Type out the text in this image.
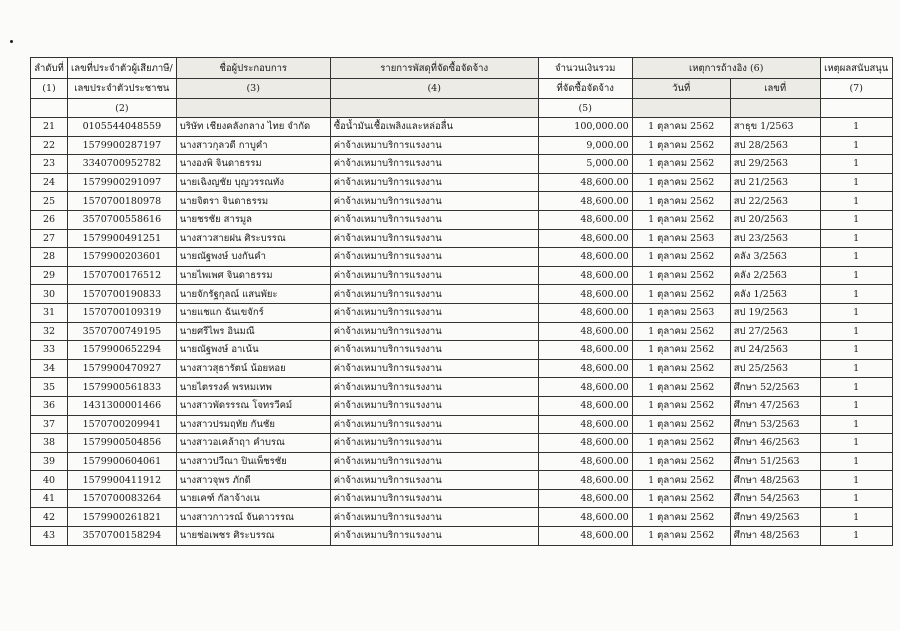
ลำดับที่	เลขที่ประจำตัวผู้เสียภาษี/	ชื่อผู้ประกอบการ	รายการพัสดุที่จัดซื้อจัดจ้าง	จำนวนเงินรวม	เหตุการถ้างอิง (6)		เหตุผลสนับสนุน
(1)	เลขประจำตัวประชาชน	(3)	(4)	ที่จัดซื้อจัดจ้าง	วันที่	เลขที่	(7)
	(2)			(5)			
21	0105544048559	บริษัท เชียงคลังกลาง ไทย จำกัด	ซื้อน้ำมันเชื้อเพลิงและหล่อลื่น	100,000.00	1 ตุลาคม 2562	สาธุข 1/2563	1
22	1579900287197	นางสาวกุลวดี กาบูคำ	ค่าจ้างเหมาบริการแรงงาน	9,000.00	1 ตุลาคม 2562	สป 28/2563	1
23	3340700952782	นางองพิ จินดาธรรม	ค่าจ้างเหมาบริการแรงงาน	5,000.00	1 ตุลาคม 2562	สป 29/2563	1
24	1579900291097	นายเฉิงญชัย บุญวรรณทัง	ค่าจ้างเหมาบริการแรงงาน	48,600.00	1 ตุลาคม 2562	สป 21/2563	1
25	1570700180978	นายจิตรา จินดาธรรม	ค่าจ้างเหมาบริการแรงงาน	48,600.00	1 ตุลาคม 2562	สป 22/2563	1
26	3570700558616	นายชรชัย สารมูล	ค่าจ้างเหมาบริการแรงงาน	48,600.00	1 ตุลาคม 2562	สป 20/2563	1
27	1579900491251	นางสาวสายฝน ศิระบรรณ	ค่าจ้างเหมาบริการแรงงาน	48,600.00	1 ตุลาคม 2563	สป 23/2563	1
28	1579900203601	นายณัฐพงษ์ บงกันคำ	ค่าจ้างเหมาบริการแรงงาน	48,600.00	1 ตุลาคม 2562	คลัง 3/2563	1
29	1570700176512	นายไพเพศ จินดาธรรม	ค่าจ้างเหมาบริการแรงงาน	48,600.00	1 ตุลาคม 2562	คลัง 2/2563	1
30	1570700190833	นายจักรัฐกุลณ์ แสนพัยะ	ค่าจ้างเหมาบริการแรงงาน	48,600.00	1 ตุลาคม 2562	คลัง 1/2563	1
31	1570700109319	นายแชแก ฉันเขจักร์	ค่าจ้างเหมาบริการแรงงาน	48,600.00	1 ตุลาคม 2563	สป 19/2563	1
32	3570700749195	นายศรีไพร อินมณี	ค่าจ้างเหมาบริการแรงงาน	48,600.00	1 ตุลาคม 2562	สป 27/2563	1
33	1579900652294	นายณัฐพงษ์ อาเน้น	ค่าจ้างเหมาบริการแรงงาน	48,600.00	1 ตุลาคม 2562	สป 24/2563	1
34	1579900470927	นางสาวสุธารัตน์ น้อยหอย	ค่าจ้างเหมาบริการแรงงาน	48,600.00	1 ตุลาคม 2562	สป 25/2563	1
35	1579900561833	นายไตรรงค์ พรหมเทพ	ค่าจ้างเหมาบริการแรงงาน	48,600.00	1 ตุลาคม 2562	ศึกษา 52/2563	1
36	1431300001466	นางสาวพัดรรรณ โจทรวีคม์	ค่าจ้างเหมาบริการแรงงาน	48,600.00	1 ตุลาคม 2562	ศึกษา 47/2563	1
37	1570700209941	นางสาวปรมฤทัย กันชัย	ค่าจ้างเหมาบริการแรงงาน	48,600.00	1 ตุลาคม 2562	ศึกษา 53/2563	1
38	1579900504856	นางสาวอเคล้าฤา คำบรณ	ค่าจ้างเหมาบริการแรงงาน	48,600.00	1 ตุลาคม 2562	ศึกษา 46/2563	1
39	1579900604061	นางสาวปวีณา ปินเพ็ชรชัย	ค่าจ้างเหมาบริการแรงงาน	48,600.00	1 ตุลาคม 2562	ศึกษา 51/2563	1
40	1579900411912	นางสาวจุพร ภักดี	ค่าจ้างเหมาบริการแรงงาน	48,600.00	1 ตุลาคม 2562	ศึกษา 48/2563	1
41	1570700083264	นายเคฑ์ กัลาจ้างเน	ค่าจ้างเหมาบริการแรงงาน	48,600.00	1 ตุลาคม 2562	ศึกษา 54/2563	1
42	1579900261821	นางสาวกาวรณ์ จันดาวรรณ	ค่าจ้างเหมาบริการแรงงาน	48,600.00	1 ตุลาคม 2562	ศึกษา 49/2563	1
43	3570700158294	นายช่อเพชร ศิระบรรณ	ค่าจ้างเหมาบริการแรงงาน	48,600.00	1 ตุลาคม 2562	ศึกษา 48/2563	1
